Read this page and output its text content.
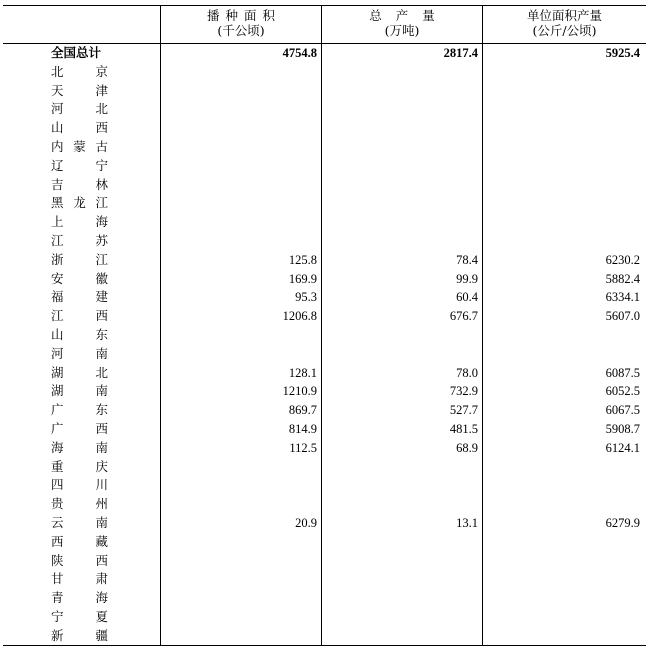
播种面积
(千公顷)
总产量
(万吨)
单位面积产量
(公斤/公顷)
全国总计	4754.8	2817.4	5925.4
北	京
天	津
河	北
山	西
内 蒙 古
辽	宁
吉	林
黑 龙 江
上	海
江	苏
浙	江	125.8	78.4	6230.2
安	徽	169.9	99.9	5882.4
福	建	95.3	60.4	6334.1
江	西	1206.8	676.7	5607.0
山	东
河	南
湖	北	128.1	78.0	6087.5
湖	南	1210.9	732.9	6052.5
广	东	869.7	527.7	6067.5
广	西	814.9	481.5	5908.7
海	南	112.5	68.9	6124.1
重	庆
四	川
贵	州
云	南	20.9	13.1	6279.9
西	藏
陕	西
甘	肃
青	海
宁	夏
新	疆
